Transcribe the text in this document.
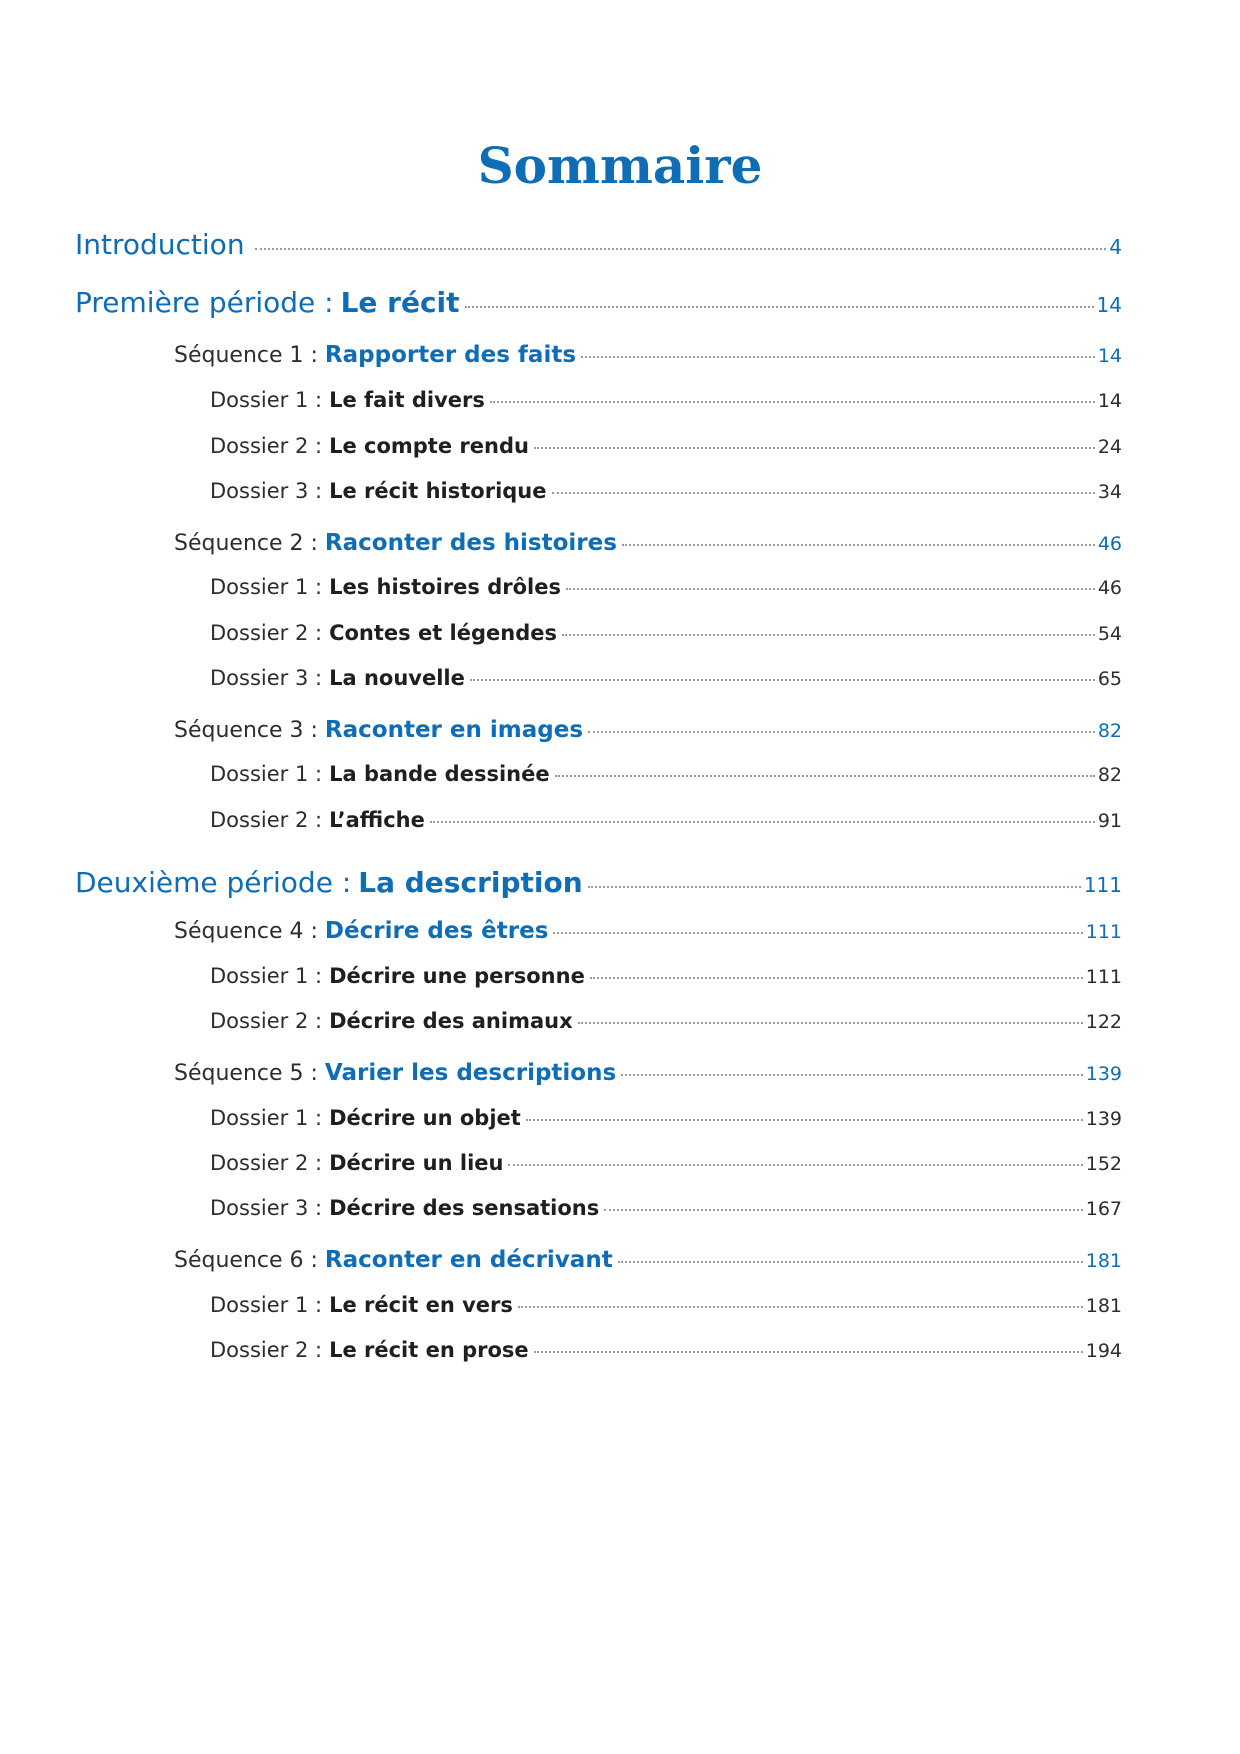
Sommaire
Introduction	4
Première période : Le récit	14
Séquence 1 : Rapporter des faits	14
Dossier 1 : Le fait divers	14
Dossier 2 : Le compte rendu	24
Dossier 3 : Le récit historique	34
Séquence 2 : Raconter des histoires	46
Dossier 1 : Les histoires drôles	46
Dossier 2 : Contes et légendes	54
Dossier 3 : La nouvelle	65
Séquence 3 : Raconter en images	82
Dossier 1 : La bande dessinée	82
Dossier 2 : L’affiche	91
Deuxième période : La description	111
Séquence 4 : Décrire des êtres	111
Dossier 1 : Décrire une personne	111
Dossier 2 : Décrire des animaux	122
Séquence 5 : Varier les descriptions	139
Dossier 1 : Décrire un objet	139
Dossier 2 : Décrire un lieu	152
Dossier 3 : Décrire des sensations	167
Séquence 6 : Raconter en décrivant	181
Dossier 1 : Le récit en vers	181
Dossier 2 : Le récit en prose	194
